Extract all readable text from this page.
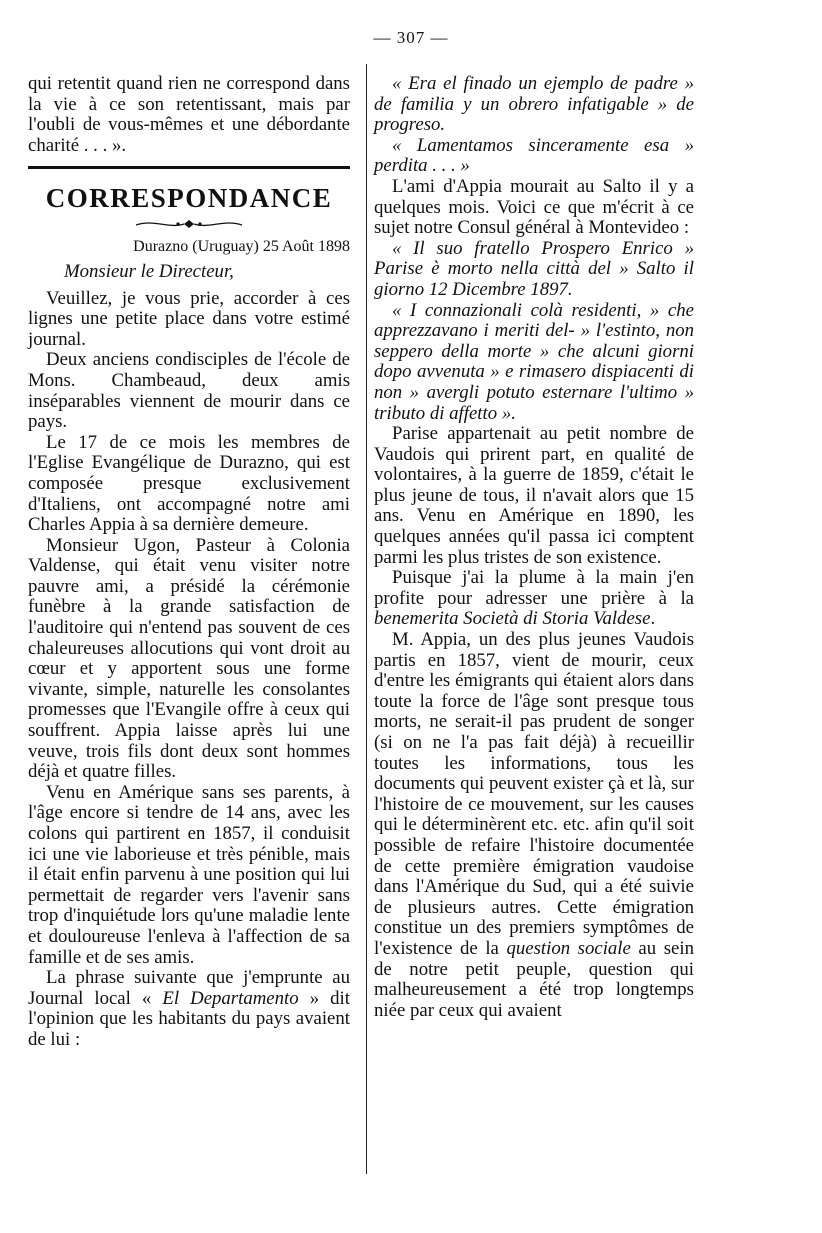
— 307 —

qui retentit quand rien ne correspond dans la vie à ce son retentissant, mais par l'oubli de vous-mêmes et une débordante charité . . . ».

CORRESPONDANCE

Durazno (Uruguay) 25 Août 1898

Monsieur le Directeur,

Veuillez, je vous prie, accorder à ces lignes une petite place dans votre estimé journal.

Deux anciens condisciples de l'école de Mons. Chambeaud, deux amis inséparables viennent de mourir dans ce pays.

Le 17 de ce mois les membres de l'Eglise Evangélique de Durazno, qui est composée presque exclusivement d'Italiens, ont accompagné notre ami Charles Appia à sa dernière demeure.

Monsieur Ugon, Pasteur à Colonia Valdense, qui était venu visiter notre pauvre ami, a présidé la cérémonie funèbre à la grande satisfaction de l'auditoire qui n'entend pas souvent de ces chaleureuses allocutions qui vont droit au cœur et y apportent sous une forme vivante, simple, naturelle les consolantes promesses que l'Evangile offre à ceux qui souffrent. Appia laisse après lui une veuve, trois fils dont deux sont hommes déjà et quatre filles.

Venu en Amérique sans ses parents, à l'âge encore si tendre de 14 ans, avec les colons qui partirent en 1857, il conduisit ici une vie laborieuse et très pénible, mais il était enfin parvenu à une position qui lui permettait de regarder vers l'avenir sans trop d'inquiétude lors qu'une maladie lente et douloureuse l'enleva à l'affection de sa famille et de ses amis.

La phrase suivante que j'emprunte au Journal local « El Departamento » dit l'opinion que les habitants du pays avaient de lui :

« Era el finado un ejemplo de padre » de familia y un obrero infatigable » de progreso.

« Lamentamos sinceramente esa » perdita . . . »

L'ami d'Appia mourait au Salto il y a quelques mois. Voici ce que m'écrit à ce sujet notre Consul général à Montevideo :

« Il suo fratello Prospero Enrico » Parise è morto nella città del » Salto il giorno 12 Dicembre 1897.

« I connazionali colà residenti, » che apprezzavano i meriti del- » l'estinto, non seppero della morte » che alcuni giorni dopo avvenuta » e rimasero dispiacenti di non » avergli potuto esternare l'ultimo » tributo di affetto ».

Parise appartenait au petit nombre de Vaudois qui prirent part, en qualité de volontaires, à la guerre de 1859, c'était le plus jeune de tous, il n'avait alors que 15 ans. Venu en Amérique en 1890, les quelques années qu'il passa ici comptent parmi les plus tristes de son existence.

Puisque j'ai la plume à la main j'en profite pour adresser une prière à la benemerita Società di Storia Valdese.

M. Appia, un des plus jeunes Vaudois partis en 1857, vient de mourir, ceux d'entre les émigrants qui étaient alors dans toute la force de l'âge sont presque tous morts, ne serait-il pas prudent de songer (si on ne l'a pas fait déjà) à recueillir toutes les informations, tous les documents qui peuvent exister çà et là, sur l'histoire de ce mouvement, sur les causes qui le déterminèrent etc. etc. afin qu'il soit possible de refaire l'histoire documentée de cette première émigration vaudoise dans l'Amérique du Sud, qui a été suivie de plusieurs autres. Cette émigration constitue un des premiers symptômes de l'existence de la question sociale au sein de notre petit peuple, question qui malheureusement a été trop longtemps niée par ceux qui avaient
